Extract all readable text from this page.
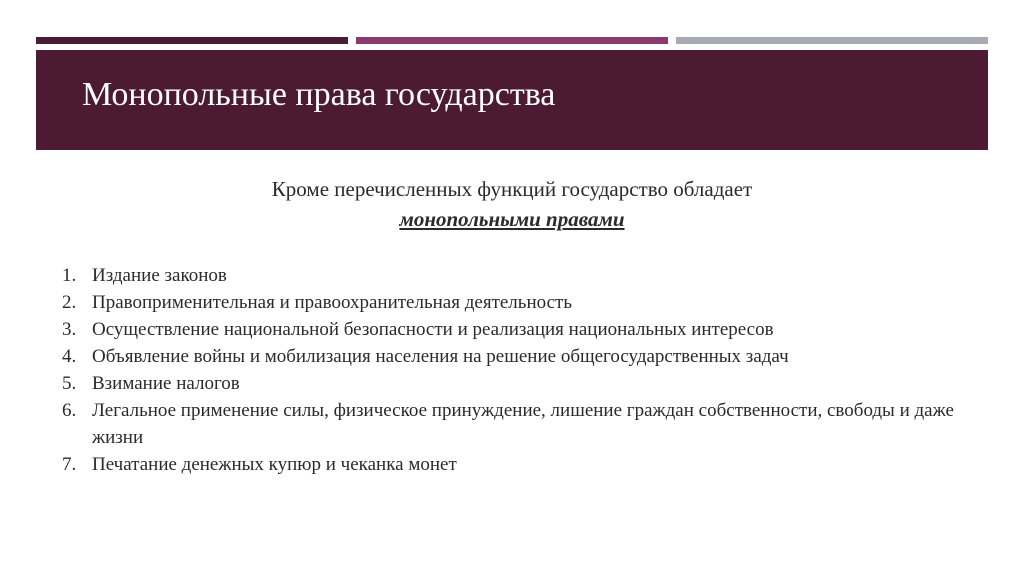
Монопольные права государства
Кроме перечисленных функций государство обладает
монопольными правами
1. Издание законов
2. Правоприменительная и правоохранительная деятельность
3. Осуществление национальной безопасности и реализация национальных интересов
4. Объявление войны и мобилизация населения на решение общегосударственных задач
5. Взимание налогов
6. Легальное применение силы, физическое принуждение, лишение граждан собственности, свободы и даже жизни
7. Печатание денежных купюр и чеканка монет
